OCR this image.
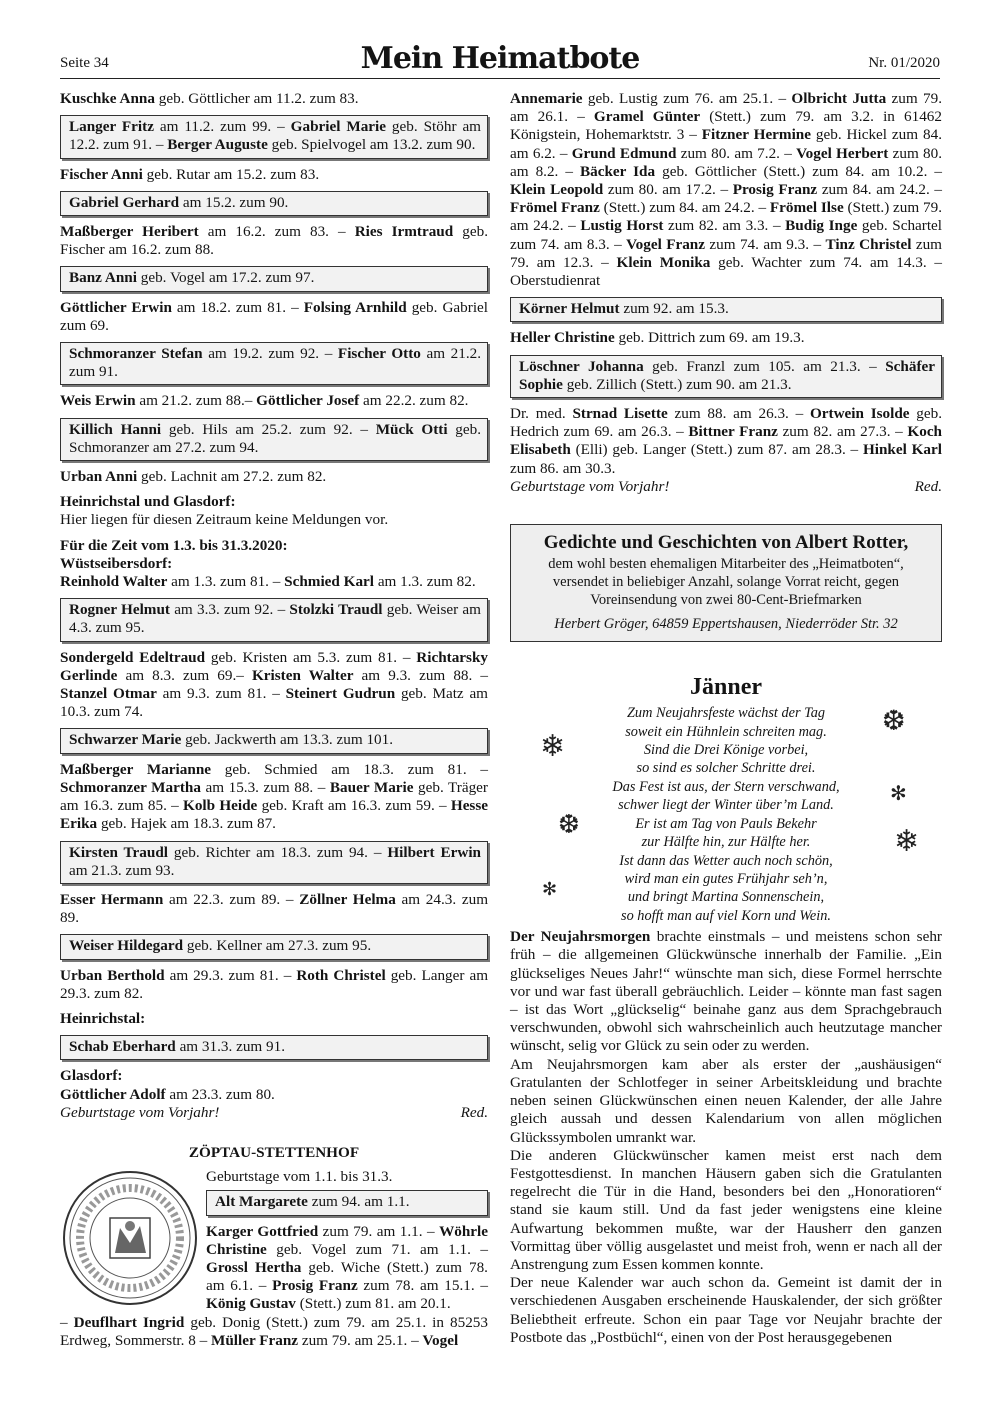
Seite 34	Mein Heimatbote	Nr. 01/2020

Kuschke Anna geb. Göttlicher am 11.2. zum 83.

Langer Fritz am 11.2. zum 99. – Gabriel Marie geb. Stöhr am 12.2. zum 91. – Berger Auguste geb. Spielvogel am 13.2. zum 90.

Fischer Anni geb. Rutar am 15.2. zum 83.

Gabriel Gerhard am 15.2. zum 90.

Maßberger Heribert am 16.2. zum 83. – Ries Irmtraud geb. Fischer am 16.2. zum 88.

Banz Anni geb. Vogel am 17.2. zum 97.

Göttlicher Erwin am 18.2. zum 81. – Folsing Arnhild geb. Gabriel zum 69.

Schmoranzer Stefan am 19.2. zum 92. – Fischer Otto am 21.2. zum 91.

Weis Erwin am 21.2. zum 88.– Göttlicher Josef am 22.2. zum 82.

Killich Hanni geb. Hils am 25.2. zum 92. – Mück Otti geb. Schmoranzer am 27.2. zum 94.

Urban Anni geb. Lachnit am 27.2. zum 82.

Heinrichstal und Glasdorf:
Hier liegen für diesen Zeitraum keine Meldungen vor.

Für die Zeit vom 1.3. bis 31.3.2020:

Wüstseibersdorf:

Reinhold Walter am 1.3. zum 81. – Schmied Karl am 1.3. zum 82.

Rogner Helmut am 3.3. zum 92. – Stolzki Traudl geb. Weiser am 4.3. zum 95.

Sondergeld Edeltraud geb. Kristen am 5.3. zum 81. – Richtarsky Gerlinde am 8.3. zum 69.– Kristen Walter am 9.3. zum 88. – Stanzel Otmar am 9.3. zum 81. – Steinert Gudrun geb. Matz am 10.3. zum 74.

Schwarzer Marie geb. Jackwerth am 13.3. zum 101.

Maßberger Marianne geb. Schmied am 18.3. zum 81. – Schmoranzer Martha am 15.3. zum 88. – Bauer Marie geb. Träger am 16.3. zum 85. – Kolb Heide geb. Kraft am 16.3. zum 59. – Hesse Erika geb. Hajek am 18.3. zum 87.

Kirsten Traudl geb. Richter am 18.3. zum 94. – Hilbert Erwin am 21.3. zum 93.

Esser Hermann am 22.3. zum 89. – Zöllner Helma am 24.3. zum 89.

Weiser Hildegard geb. Kellner am 27.3. zum 95.

Urban Berthold am 29.3. zum 81. – Roth Christel geb. Langer am 29.3. zum 82.

Heinrichstal:

Schab Eberhard am 31.3. zum 91.

Glasdorf:

Göttlicher Adolf am 23.3. zum 80.

Geburtstage vom Vorjahr!	Red.
ZÖPTAU-STETTENHOF

Geburtstage vom 1.1. bis 31.3.

Alt Margarete zum 94. am 1.1.

Karger Gottfried zum 79. am 1.1. – Wöhrle Christine geb. Vogel zum 71. am 1.1. – Grossl Hertha geb. Wiche (Stett.) zum 78. am 6.1. – Prosig Franz zum 78. am 15.1. – König Gustav (Stett.) zum 81. am 20.1.

– Deuflhart Ingrid geb. Donig (Stett.) zum 79. am 25.1. in 85253 Erdweg, Sommerstr. 8 – Müller Franz zum 79. am 25.1. – Vogel

Annemarie geb. Lustig zum 76. am 25.1. – Olbricht Jutta zum 79. am 26.1. – Gramel Günter (Stett.) zum 79. am 3.2. in 61462 Königstein, Hohemarktstr. 3 – Fitzner Hermine geb. Hickel zum 84. am 6.2. – Grund Edmund zum 80. am 7.2. – Vogel Herbert zum 80. am 8.2. – Bäcker Ida geb. Göttlicher (Stett.) zum 84. am 10.2. – Klein Leopold zum 80. am 17.2. – Prosig Franz zum 84. am 24.2. – Frömel Franz (Stett.) zum 84. am 24.2. – Frömel Ilse (Stett.) zum 79. am 24.2. – Lustig Horst zum 82. am 3.3. – Budig Inge geb. Schartel zum 74. am 8.3. – Vogel Franz zum 74. am 9.3. – Tinz Christel zum 79. am 12.3. – Klein Monika geb. Wachter zum 74. am 14.3. – Oberstudienrat

Körner Helmut zum 92. am 15.3.

Heller Christine geb. Dittrich zum 69. am 19.3.

Löschner Johanna geb. Franzl zum 105. am 21.3. – Schäfer Sophie geb. Zillich (Stett.) zum 90. am 21.3.

Dr. med. Strnad Lisette zum 88. am 26.3. – Ortwein Isolde geb. Hedrich zum 69. am 26.3. – Bittner Franz zum 82. am 27.3. – Koch Elisabeth (Elli) geb. Langer (Stett.) zum 87. am 28.3. – Hinkel Karl zum 86. am 30.3.

Geburtstage vom Vorjahr!	Red.
Gedichte und Geschichten von Albert Rotter,
dem wohl besten ehemaligen Mitarbeiter des „Heimatboten“, versendet in beliebiger Anzahl, solange Vorrat reicht, gegen Voreinsendung von zwei 80-Cent-Briefmarken
Herbert Gröger, 64859 Eppertshausen, Niederröder Str. 32
Jänner
Zum Neujahrsfeste wächst der Tag
soweit ein Hühnlein schreiten mag.
Sind die Drei Könige vorbei,
so sind es solcher Schritte drei.
Das Fest ist aus, der Stern verschwand,
schwer liegt der Winter über’m Land.
Er ist am Tag von Pauls Bekehr
zur Hälfte hin, zur Hälfte her.
Ist dann das Wetter auch noch schön,
wird man ein gutes Frühjahr seh’n,
und bringt Martina Sonnenschein,
so hofft man auf viel Korn und Wein.
❄
❆
✻
❆
❄
✻

Der Neujahrsmorgen brachte einstmals – und meistens schon sehr früh – die allgemeinen Glückwünsche innerhalb der Familie. „Ein glückseliges Neues Jahr!“ wünschte man sich, diese Formel herrschte vor und war fast überall gebräuchlich. Leider – könnte man fast sagen – ist das Wort „glückselig“ beinahe ganz aus dem Sprachgebrauch verschwunden, obwohl sich wahrscheinlich auch heutzutage mancher wünscht, selig vor Glück zu sein oder zu werden.

Am Neujahrsmorgen kam aber als erster der „aushäusigen“ Gratulanten der Schlotfeger in seiner Arbeitskleidung und brachte neben seinen Glückwünschen einen neuen Kalender, der alle Jahre gleich aussah und dessen Kalendarium von allen möglichen Glückssymbolen umrankt war.

Die anderen Glückwünscher kamen meist erst nach dem Festgottesdienst. In manchen Häusern gaben sich die Gratulanten regelrecht die Tür in die Hand, besonders bei den „Honoratioren“ stand sie kaum still. Und da fast jeder wenigstens eine kleine Aufwartung bekommen mußte, war der Hausherr den ganzen Vormittag über völlig ausgelastet und meist froh, wenn er nach all der Anstrengung zum Essen kommen konnte.

Der neue Kalender war auch schon da. Gemeint ist damit der in verschiedenen Ausgaben erscheinende Hauskalender, der sich größter Beliebtheit erfreute. Schon ein paar Tage vor Neujahr brachte der Postbote das „Postbüchl“, einen von der Post herausgegebenen
